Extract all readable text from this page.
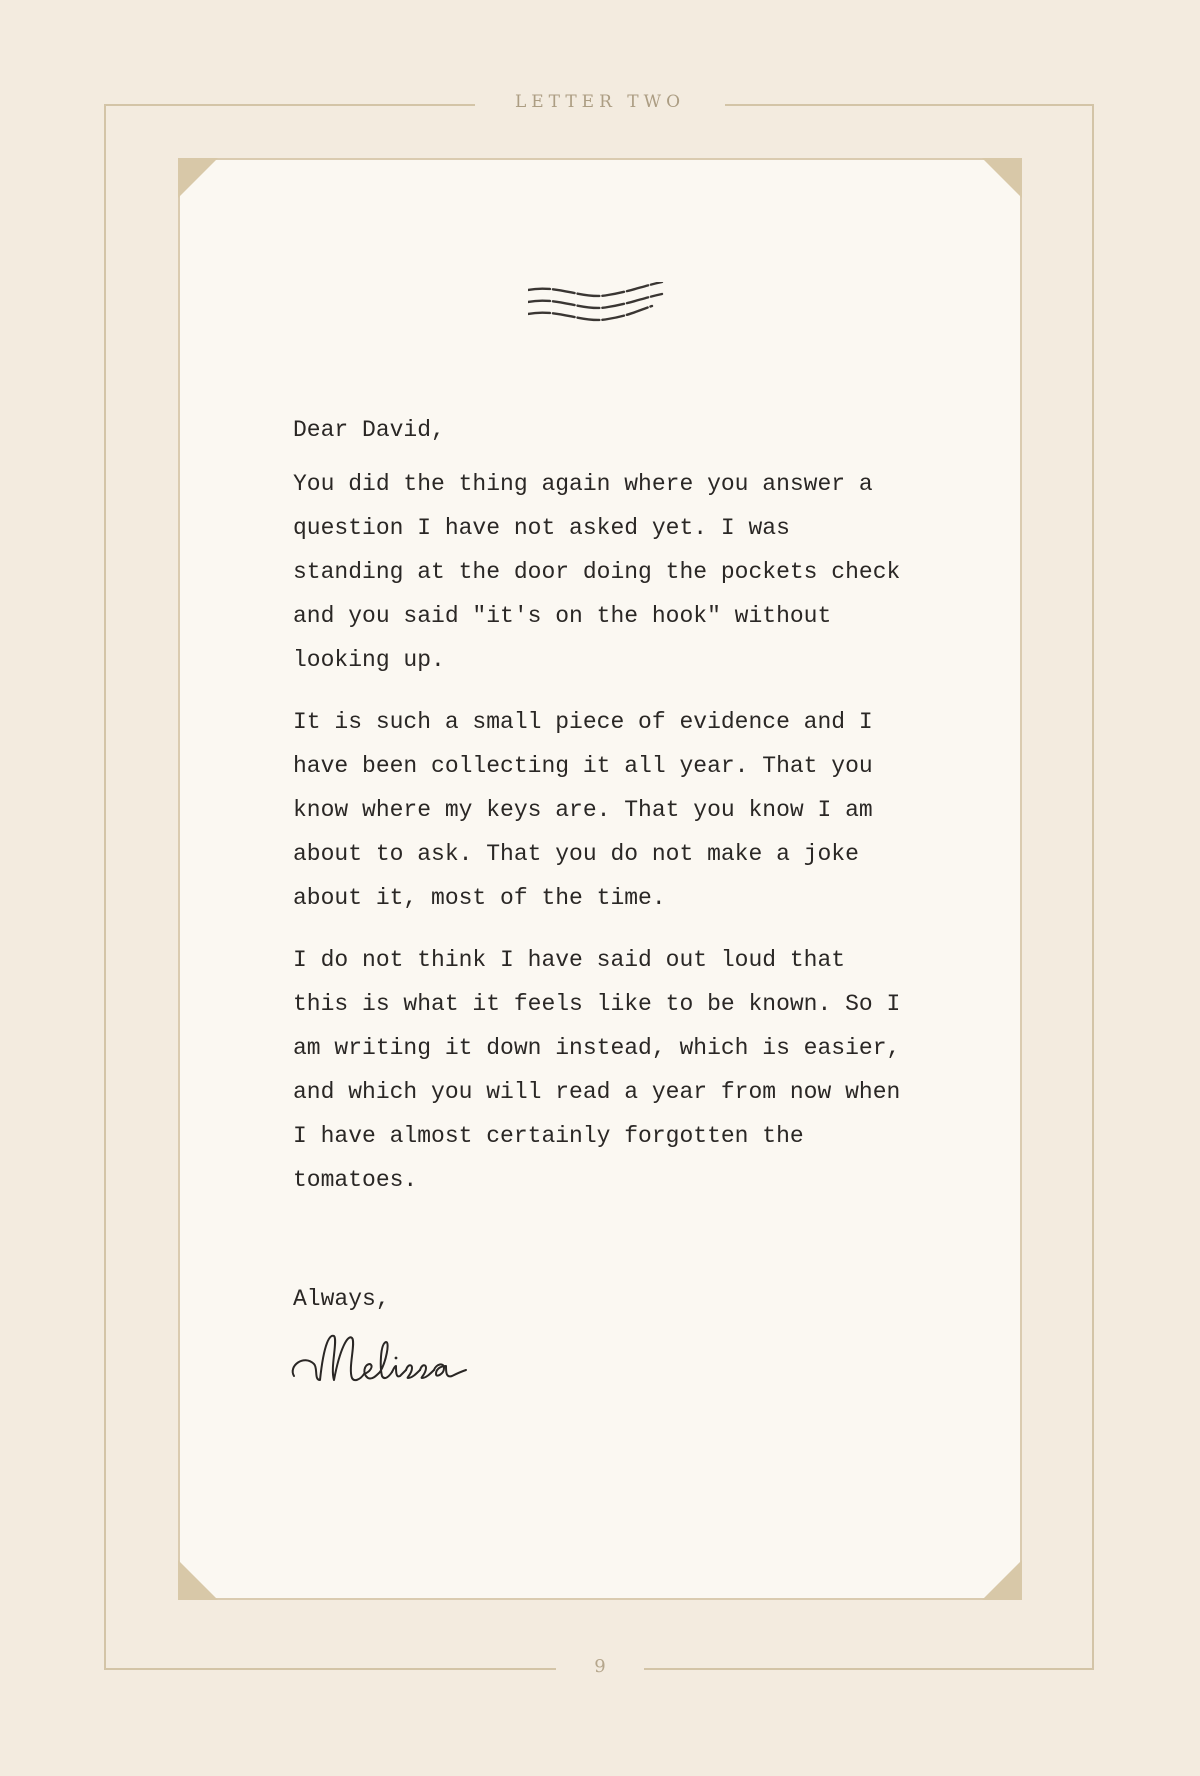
LETTER TWO

Dear David,

You did the thing again where you answer a question I have not asked yet. I was standing at the door doing the pockets check and you said "it's on the hook" without looking up.

It is such a small piece of evidence and I have been collecting it all year. That you know where my keys are. That you know I am about to ask. That you do not make a joke about it, most of the time.

I do not think I have said out loud that this is what it feels like to be known. So I am writing it down instead, which is easier, and which you will read a year from now when I have almost certainly forgotten the tomatoes.

Always,
9
